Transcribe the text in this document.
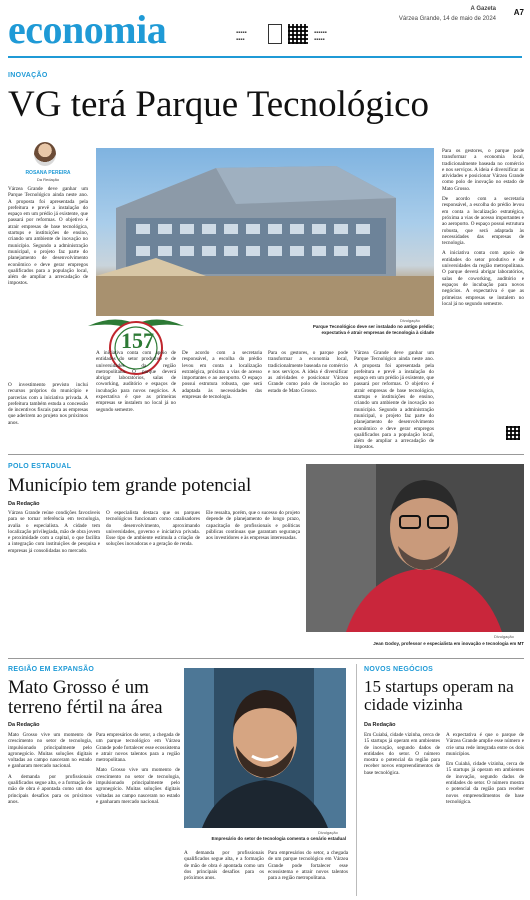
economia	▪▪▪▪▪
▪▪▪▪
▪▪▪▪▪▪
▪▪▪▪▪
A Gazeta
Várzea Grande, 14 de maio de 2024
A7
INOVAÇÃO
VG terá Parque Tecnológico
ROSANA PEREIRA
Da Redação

Várzea Grande deve ganhar um Parque Tecnológico ainda neste ano. A proposta foi apresentada pela prefeitura e prevê a instalação do espaço em um prédio já existente, que passará por reformas. O objetivo é atrair empresas de base tecnológica, startups e instituições de ensino, criando um ambiente de inovação no município. Segundo a administração municipal, o projeto faz parte do planejamento de desenvolvimento econômico e deve gerar empregos qualificados para a população local, além de ampliar a arrecadação de impostos.

157

O investimento previsto inclui recursos próprios do município e parcerias com a iniciativa privada. A prefeitura também estuda a concessão de incentivos fiscais para as empresas que aderirem ao projeto nos próximos anos.

Divulgação
Parque Tecnológico deve ser instalado no antigo prédio; expectativa é atrair empresas de tecnologia à cidade

Para os gestores, o parque pode transformar a economia local, tradicionalmente baseada no comércio e nos serviços. A ideia é diversificar as atividades e posicionar Várzea Grande como polo de inovação no estado de Mato Grosso.

De acordo com a secretaria responsável, a escolha do prédio levou em conta a localização estratégica, próxima a vias de acesso importantes e ao aeroporto. O espaço possui estrutura robusta, que será adaptada às necessidades das empresas de tecnologia.

A iniciativa conta com apoio de entidades do setor produtivo e de universidades da região metropolitana. O parque deverá abrigar laboratórios, salas de coworking, auditório e espaços de incubação para novos negócios. A expectativa é que as primeiras empresas se instalem no local já no segundo semestre.

A iniciativa conta com apoio de entidades do setor produtivo e de universidades da região metropolitana. O parque deverá abrigar laboratórios, salas de coworking, auditório e espaços de incubação para novos negócios. A expectativa é que as primeiras empresas se instalem no local já no segundo semestre.

De acordo com a secretaria responsável, a escolha do prédio levou em conta a localização estratégica, próxima a vias de acesso importantes e ao aeroporto. O espaço possui estrutura robusta, que será adaptada às necessidades das empresas de tecnologia.

Para os gestores, o parque pode transformar a economia local, tradicionalmente baseada no comércio e nos serviços. A ideia é diversificar as atividades e posicionar Várzea Grande como polo de inovação no estado de Mato Grosso.

Várzea Grande deve ganhar um Parque Tecnológico ainda neste ano. A proposta foi apresentada pela prefeitura e prevê a instalação do espaço em um prédio já existente, que passará por reformas. O objetivo é atrair empresas de base tecnológica, startups e instituições de ensino, criando um ambiente de inovação no município. Segundo a administração municipal, o projeto faz parte do planejamento de desenvolvimento econômico e deve gerar empregos qualificados para a população local, além de ampliar a arrecadação de impostos.

POLO ESTADUAL
Município tem grande potencial
Da Redação

Várzea Grande reúne condições favoráveis para se tornar referência em tecnologia, avalia o especialista. A cidade tem localização privilegiada, mão de obra jovem e proximidade com a capital, o que facilita a integração com instituições de pesquisa e empresas já consolidadas no mercado.

O especialista destaca que os parques tecnológicos funcionam como catalisadores do desenvolvimento, aproximando universidades, governo e iniciativa privada. Esse tipo de ambiente estimula a criação de soluções inovadoras e a geração de renda.

Ele ressalta, porém, que o sucesso do projeto depende de planejamento de longo prazo, capacitação de profissionais e políticas públicas contínuas que garantam segurança aos investidores e às empresas interessadas.

Divulgação
Jean Godoy, professor e especialista em inovação e tecnologia em MT
REGIÃO EM EXPANSÃO
Mato Grosso é um terreno fértil na área
Da Redação

Mato Grosso vive um momento de crescimento no setor de tecnologia, impulsionado principalmente pelo agronegócio. Muitas soluções digitais voltadas ao campo nasceram no estado e ganharam mercado nacional.

A demanda por profissionais qualificados segue alta, e a formação de mão de obra é apontada como um dos principais desafios para os próximos anos.

Para empresários do setor, a chegada de um parque tecnológico em Várzea Grande pode fortalecer esse ecossistema e atrair novos talentos para a região metropolitana.

Mato Grosso vive um momento de crescimento no setor de tecnologia, impulsionado principalmente pelo agronegócio. Muitas soluções digitais voltadas ao campo nasceram no estado e ganharam mercado nacional.

Divulgação
Empresário do setor de tecnologia comenta o cenário estadual

A demanda por profissionais qualificados segue alta, e a formação de mão de obra é apontada como um dos principais desafios para os próximos anos.

Para empresários do setor, a chegada de um parque tecnológico em Várzea Grande pode fortalecer esse ecossistema e atrair novos talentos para a região metropolitana.

NOVOS NEGÓCIOS
15 startups operam na cidade vizinha
Da Redação

Em Cuiabá, cidade vizinha, cerca de 15 startups já operam em ambientes de inovação, segundo dados de entidades do setor. O número mostra o potencial da região para receber novos empreendimentos de base tecnológica.

A expectativa é que o parque de Várzea Grande amplie esse número e crie uma rede integrada entre os dois municípios.

Em Cuiabá, cidade vizinha, cerca de 15 startups já operam em ambientes de inovação, segundo dados de entidades do setor. O número mostra o potencial da região para receber novos empreendimentos de base tecnológica.
